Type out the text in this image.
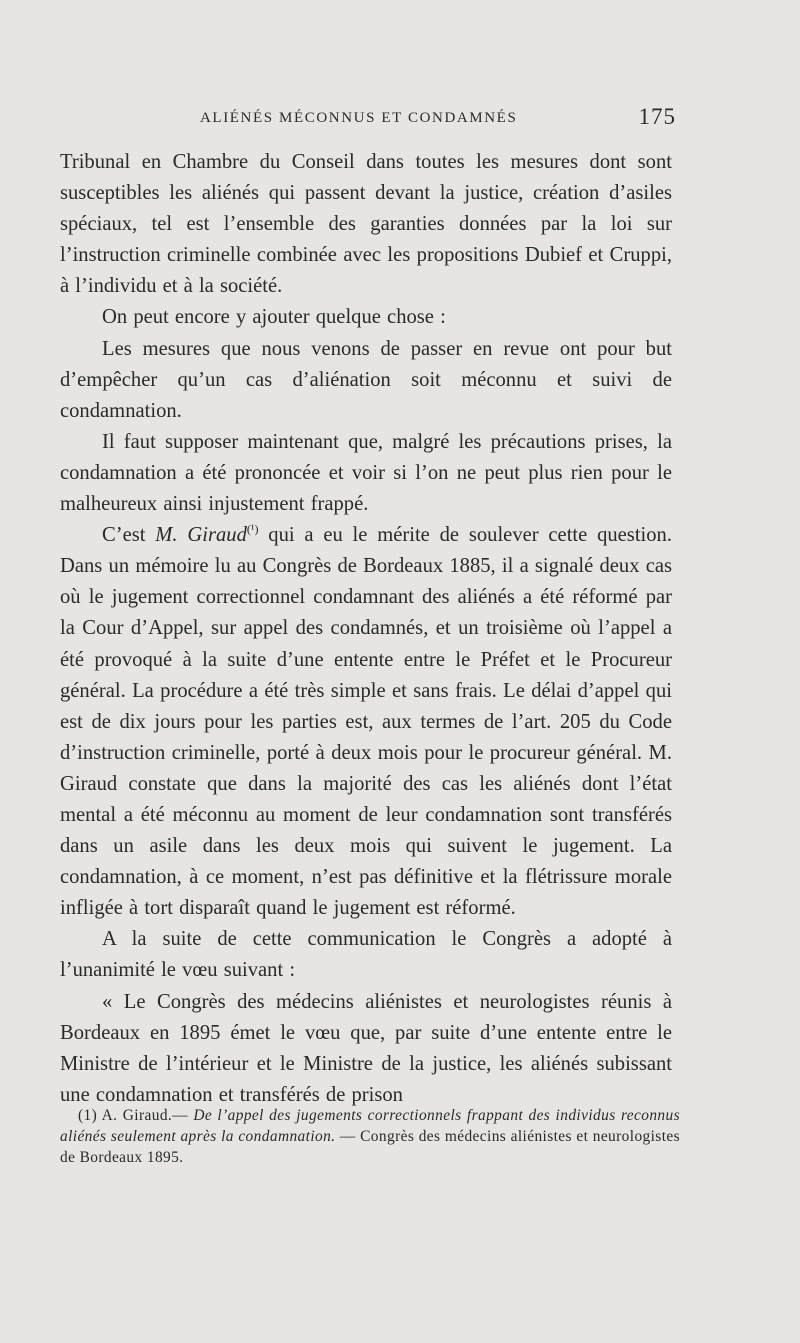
ALIÉNÉS MÉCONNUS ET CONDAMNÉS	175

Tribunal en Chambre du Conseil dans toutes les mesures dont sont susceptibles les aliénés qui passent devant la justice, création d’asiles spéciaux, tel est l’ensemble des garanties données par la loi sur l’instruction criminelle combinée avec les propositions Dubief et Cruppi, à l’individu et à la société.

On peut encore y ajouter quelque chose :

Les mesures que nous venons de passer en revue ont pour but d’empêcher qu’un cas d’aliénation soit méconnu et suivi de condamnation.

Il faut supposer maintenant que, malgré les précautions prises, la condamnation a été prononcée et voir si l’on ne peut plus rien pour le malheureux ainsi injustement frappé.

C’est M. Giraud$^{(^1)}$ qui a eu le mérite de soulever cette question. Dans un mémoire lu au Congrès de Bordeaux 1885, il a signalé deux cas où le jugement correctionnel condamnant des aliénés a été réformé par la Cour d’Appel, sur appel des condamnés, et un troisième où l’appel a été provoqué à la suite d’une entente entre le Préfet et le Procureur général. La procédure a été très simple et sans frais. Le délai d’appel qui est de dix jours pour les parties est, aux termes de l’art. 205 du Code d’instruction criminelle, porté à deux mois pour le procureur général. M. Giraud constate que dans la majorité des cas les aliénés dont l’état mental a été méconnu au moment de leur condamnation sont transférés dans un asile dans les deux mois qui suivent le jugement. La condamnation, à ce moment, n’est pas définitive et la flétrissure morale infligée à tort disparaît quand le jugement est réformé.

A la suite de cette communication le Congrès a adopté à l’unanimité le vœu suivant :

« Le Congrès des médecins aliénistes et neurologistes réunis à Bordeaux en 1895 émet le vœu que, par suite d’une entente entre le Ministre de l’intérieur et le Ministre de la justice, les aliénés subissant une condamnation et transférés de prison

(1) A. Giraud.— De l’appel des jugements correctionnels frappant des individus reconnus aliénés seulement après la condamnation. — Congrès des médecins aliénistes et neurologistes de Bordeaux 1895.
